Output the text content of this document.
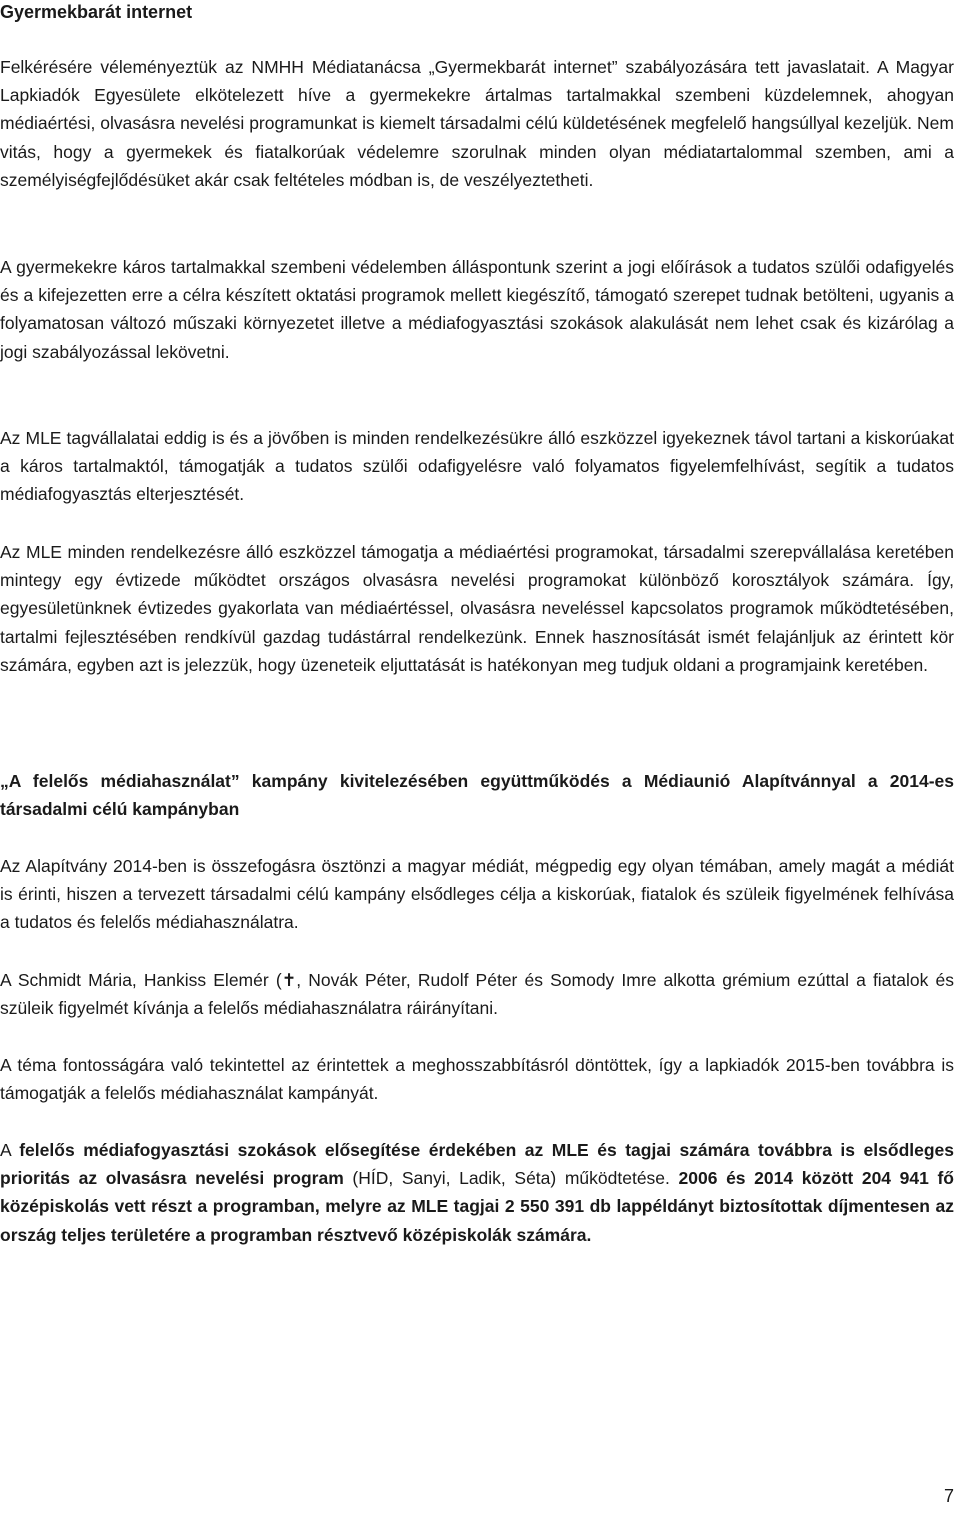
Gyermekbarát internet

Felkérésére véleményeztük az NMHH Médiatanácsa „Gyermekbarát internet” szabályozására tett javaslatait. A Magyar Lapkiadók Egyesülete elkötelezett híve a gyermekekre ártalmas tartalmakkal szembeni küzdelemnek, ahogyan médiaértési, olvasásra nevelési programunkat is kiemelt társadalmi célú küldetésének megfelelő hangsúllyal kezeljük. Nem vitás, hogy a gyermekek és fiatalkorúak védelemre szorulnak minden olyan médiatartalommal szemben, ami a személyiségfejlődésüket akár csak feltételes módban is, de veszélyeztetheti.

A gyermekekre káros tartalmakkal szembeni védelemben álláspontunk szerint a jogi előírások a tudatos szülői odafigyelés és a kifejezetten erre a célra készített oktatási programok mellett kiegészítő, támogató szerepet tudnak betölteni, ugyanis a folyamatosan változó műszaki környezetet illetve a médiafogyasztási szokások alakulását nem lehet csak és kizárólag a jogi szabályozással lekövetni.

Az MLE tagvállalatai eddig is és a jövőben is minden rendelkezésükre álló eszközzel igyekeznek távol tartani a kiskorúakat a káros tartalmaktól, támogatják a tudatos szülői odafigyelésre való folyamatos figyelemfelhívást, segítik a tudatos médiafogyasztás elterjesztését.

Az MLE minden rendelkezésre álló eszközzel támogatja a médiaértési programokat, társadalmi szerepvállalása keretében mintegy egy évtizede működtet országos olvasásra nevelési programokat különböző korosztályok számára. Így, egyesületünknek évtizedes gyakorlata van médiaértéssel, olvasásra neveléssel kapcsolatos programok működtetésében, tartalmi fejlesztésében rendkívül gazdag tudástárral rendelkezünk. Ennek hasznosítását ismét felajánljuk az érintett kör számára, egyben azt is jelezzük, hogy üzeneteik eljuttatását is hatékonyan meg tudjuk oldani a programjaink keretében.

„A felelős médiahasználat” kampány kivitelezésében együttműködés a Médiaunió Alapítvánnyal a 2014-es társadalmi célú kampányban

Az Alapítvány 2014-ben is összefogásra ösztönzi a magyar médiát, mégpedig egy olyan témában, amely magát a médiát is érinti, hiszen a tervezett társadalmi célú kampány elsődleges célja a kiskorúak, fiatalok és szüleik figyelmének felhívása a tudatos és felelős médiahasználatra.

A Schmidt Mária, Hankiss Elemér (✝, Novák Péter, Rudolf Péter és Somody Imre alkotta grémium ezúttal a fiatalok és szüleik figyelmét kívánja a felelős médiahasználatra ráirányítani.

A téma fontosságára való tekintettel az érintettek a meghosszabbításról döntöttek, így a lapkiadók 2015-ben továbbra is támogatják a felelős médiahasználat kampányát.

A felelős médiafogyasztási szokások elősegítése érdekében az MLE és tagjai számára továbbra is elsődleges prioritás az olvasásra nevelési program (HÍD, Sanyi, Ladik, Séta) működtetése. 2006 és 2014 között 204 941 fő középiskolás vett részt a programban, melyre az MLE tagjai 2 550 391 db lappéldányt biztosítottak díjmentesen az ország teljes területére a programban résztvevő középiskolák számára.

7
